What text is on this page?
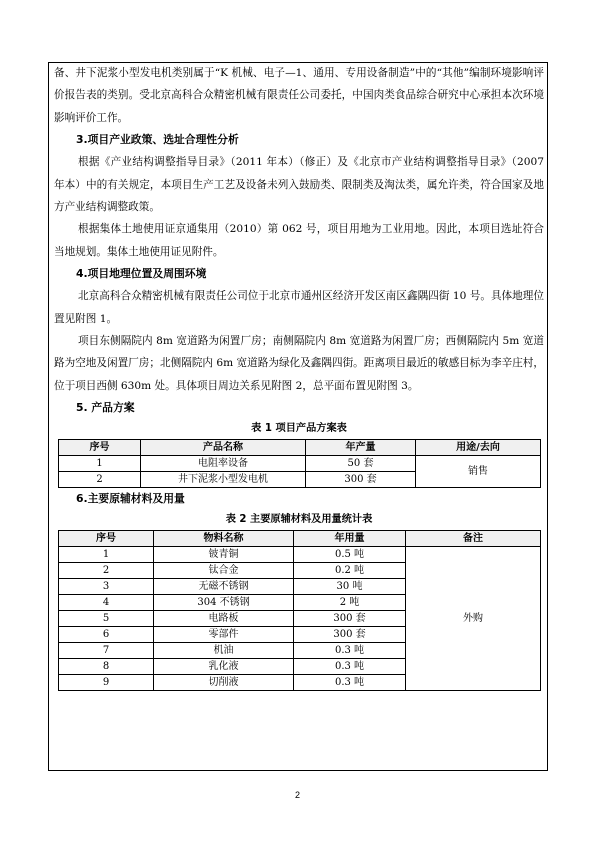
备、井下泥浆小型发电机类别属于“K 机械、电子—1、通用、专用设备制造”中的“其他”编制环境影响评价报告表的类别。受北京高科合众精密机械有限责任公司委托，中国肉类食品综合研究中心承担本次环境影响评价工作。

3.项目产业政策、选址合理性分析

根据《产业结构调整指导目录》（2011 年本）（修正）及《北京市产业结构调整指导目录》（2007 年本）中的有关规定，本项目生产工艺及设备未列入鼓励类、限制类及淘汰类，属允许类，符合国家及地方产业结构调整政策。

根据集体土地使用证京通集用（2010）第 062 号，项目用地为工业用地。因此，本项目选址符合当地规划。集体土地使用证见附件。

4.项目地理位置及周围环境

北京高科合众精密机械有限责任公司位于北京市通州区经济开发区南区鑫隅四街 10 号。具体地理位置见附图 1。

项目东侧隔院内 8m 宽道路为闲置厂房；南侧隔院内 8m 宽道路为闲置厂房；西侧隔院内 5m 宽道路为空地及闲置厂房；北侧隔院内 6m 宽道路为绿化及鑫隅四街。距离项目最近的敏感目标为李辛庄村，位于项目西侧 630m 处。具体项目周边关系见附图 2，总平面布置见附图 3。

5. 产品方案
表 1 项目产品方案表
序号	产品名称	年产量	用途/去向
1	电阻率设备	50 套	销售
2	井下泥浆小型发电机	300 套	
6.主要原辅材料及用量
表 2 主要原辅材料及用量统计表
序号	物料名称	年用量	备注
1	铍青铜	0.5 吨	外购
2	钛合金	0.2 吨	
3	无磁不锈钢	30 吨	
4	304 不锈钢	2 吨	
5	电路板	300 套	
6	零部件	300 套	
7	机油	0.3 吨	
8	乳化液	0.3 吨	
9	切削液	0.3 吨	
2
